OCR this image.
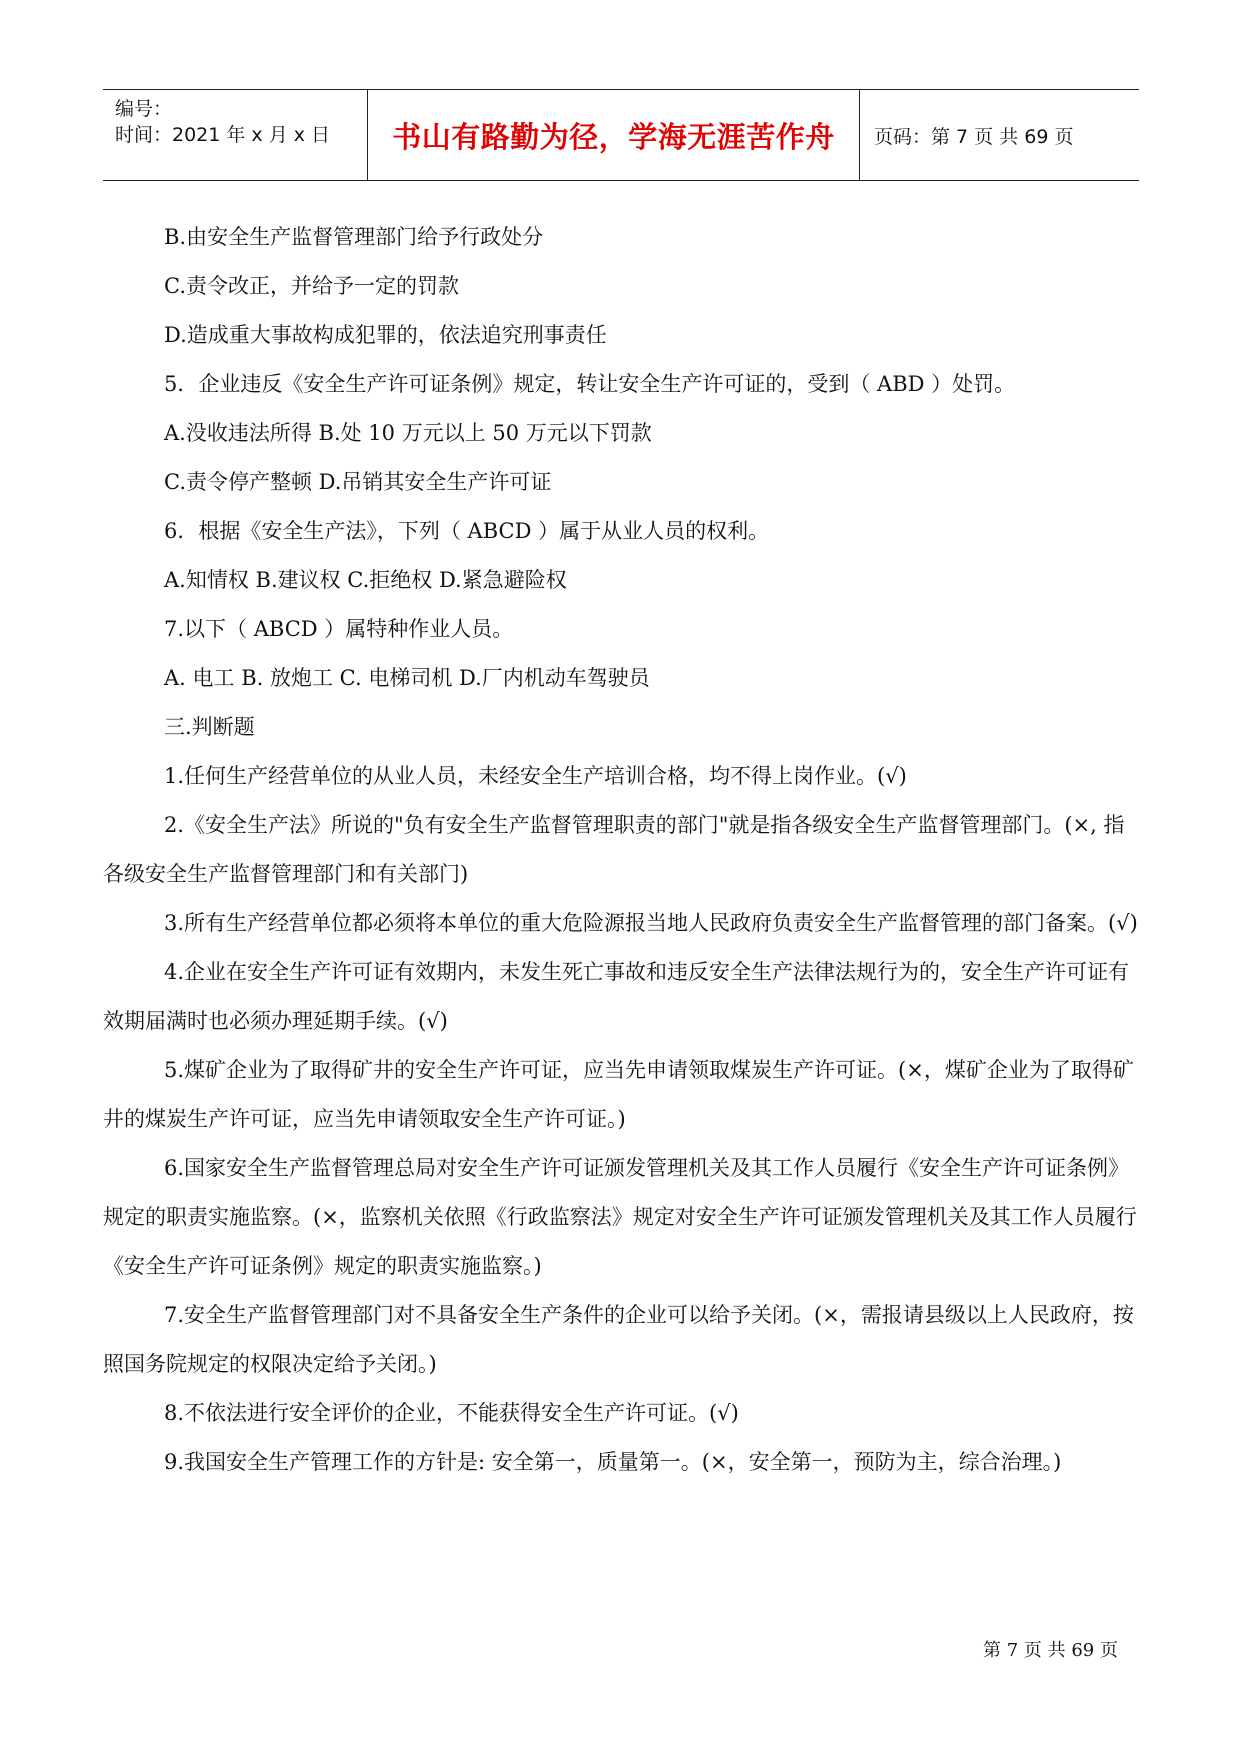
编号：
时间：2021 年 x 月 x 日 书山有路勤为径，学海无涯苦作舟 页码：第 7 页 共 69 页

B.由安全生产监督管理部门给予行政处分

C.责令改正，并给予一定的罚款

D.造成重大事故构成犯罪的，依法追究刑事责任

5．企业违反《安全生产许可证条例》规定，转让安全生产许可证的，受到（ ABD ）处罚。

A.没收违法所得 B.处 10 万元以上 50 万元以下罚款

C.责令停产整顿 D.吊销其安全生产许可证

6．根据《安全生产法》，下列（ ABCD ）属于从业人员的权利。

A.知情权 B.建议权 C.拒绝权 D.紧急避险权

7.以下（ ABCD ）属特种作业人员。

A. 电工 B. 放炮工 C. 电梯司机 D.厂内机动车驾驶员

三.判断题

1.任何生产经营单位的从业人员，未经安全生产培训合格，均不得上岗作业。(√)

2.《安全生产法》所说的"负有安全生产监督管理职责的部门"就是指各级安全生产监督管理部门。(×, 指各级安全生产监督管理部门和有关部门)

3.所有生产经营单位都必须将本单位的重大危险源报当地人民政府负责安全生产监督管理的部门备案。(√)

4.企业在安全生产许可证有效期内，未发生死亡事故和违反安全生产法律法规行为的，安全生产许可证有效期届满时也必须办理延期手续。(√)

5.煤矿企业为了取得矿井的安全生产许可证，应当先申请领取煤炭生产许可证。(×，煤矿企业为了取得矿井的煤炭生产许可证，应当先申请领取安全生产许可证。)

6.国家安全生产监督管理总局对安全生产许可证颁发管理机关及其工作人员履行《安全生产许可证条例》规定的职责实施监察。(×，监察机关依照《行政监察法》规定对安全生产许可证颁发管理机关及其工作人员履行《安全生产许可证条例》规定的职责实施监察。)

7.安全生产监督管理部门对不具备安全生产条件的企业可以给予关闭。(×，需报请县级以上人民政府，按照国务院规定的权限决定给予关闭。)

8.不依法进行安全评价的企业，不能获得安全生产许可证。(√)

9.我国安全生产管理工作的方针是: 安全第一，质量第一。(×，安全第一，预防为主，综合治理。)

第 7 页 共 69 页
